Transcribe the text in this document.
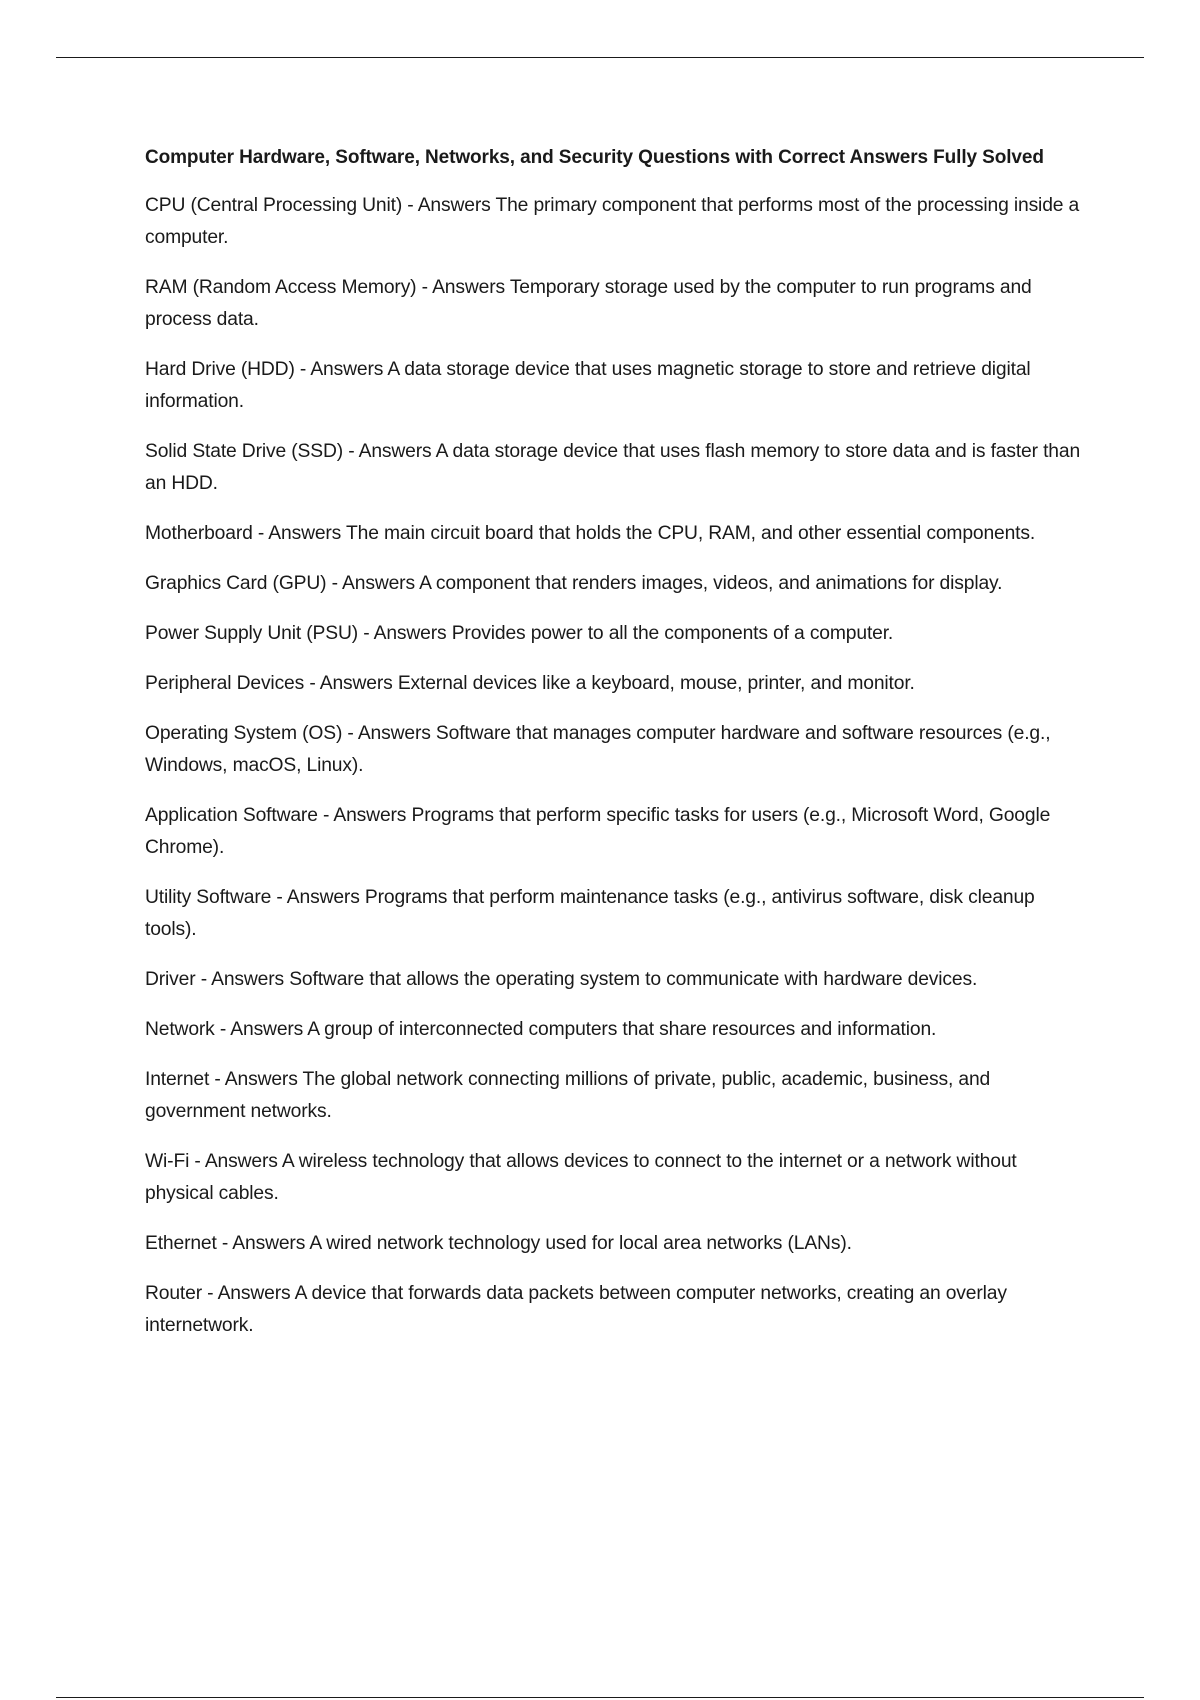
Computer Hardware, Software, Networks, and Security Questions with Correct Answers Fully Solved

CPU (Central Processing Unit) - Answers The primary component that performs most of the processing inside a computer.

RAM (Random Access Memory) - Answers Temporary storage used by the computer to run programs and process data.

Hard Drive (HDD) - Answers A data storage device that uses magnetic storage to store and retrieve digital information.

Solid State Drive (SSD) - Answers A data storage device that uses flash memory to store data and is faster than an HDD.

Motherboard - Answers The main circuit board that holds the CPU, RAM, and other essential components.

Graphics Card (GPU) - Answers A component that renders images, videos, and animations for display.

Power Supply Unit (PSU) - Answers Provides power to all the components of a computer.

Peripheral Devices - Answers External devices like a keyboard, mouse, printer, and monitor.

Operating System (OS) - Answers Software that manages computer hardware and software resources (e.g., Windows, macOS, Linux).

Application Software - Answers Programs that perform specific tasks for users (e.g., Microsoft Word, Google Chrome).

Utility Software - Answers Programs that perform maintenance tasks (e.g., antivirus software, disk cleanup tools).

Driver - Answers Software that allows the operating system to communicate with hardware devices.

Network - Answers A group of interconnected computers that share resources and information.

Internet - Answers The global network connecting millions of private, public, academic, business, and government networks.

Wi-Fi - Answers A wireless technology that allows devices to connect to the internet or a network without physical cables.

Ethernet - Answers A wired network technology used for local area networks (LANs).

Router - Answers A device that forwards data packets between computer networks, creating an overlay internetwork.
